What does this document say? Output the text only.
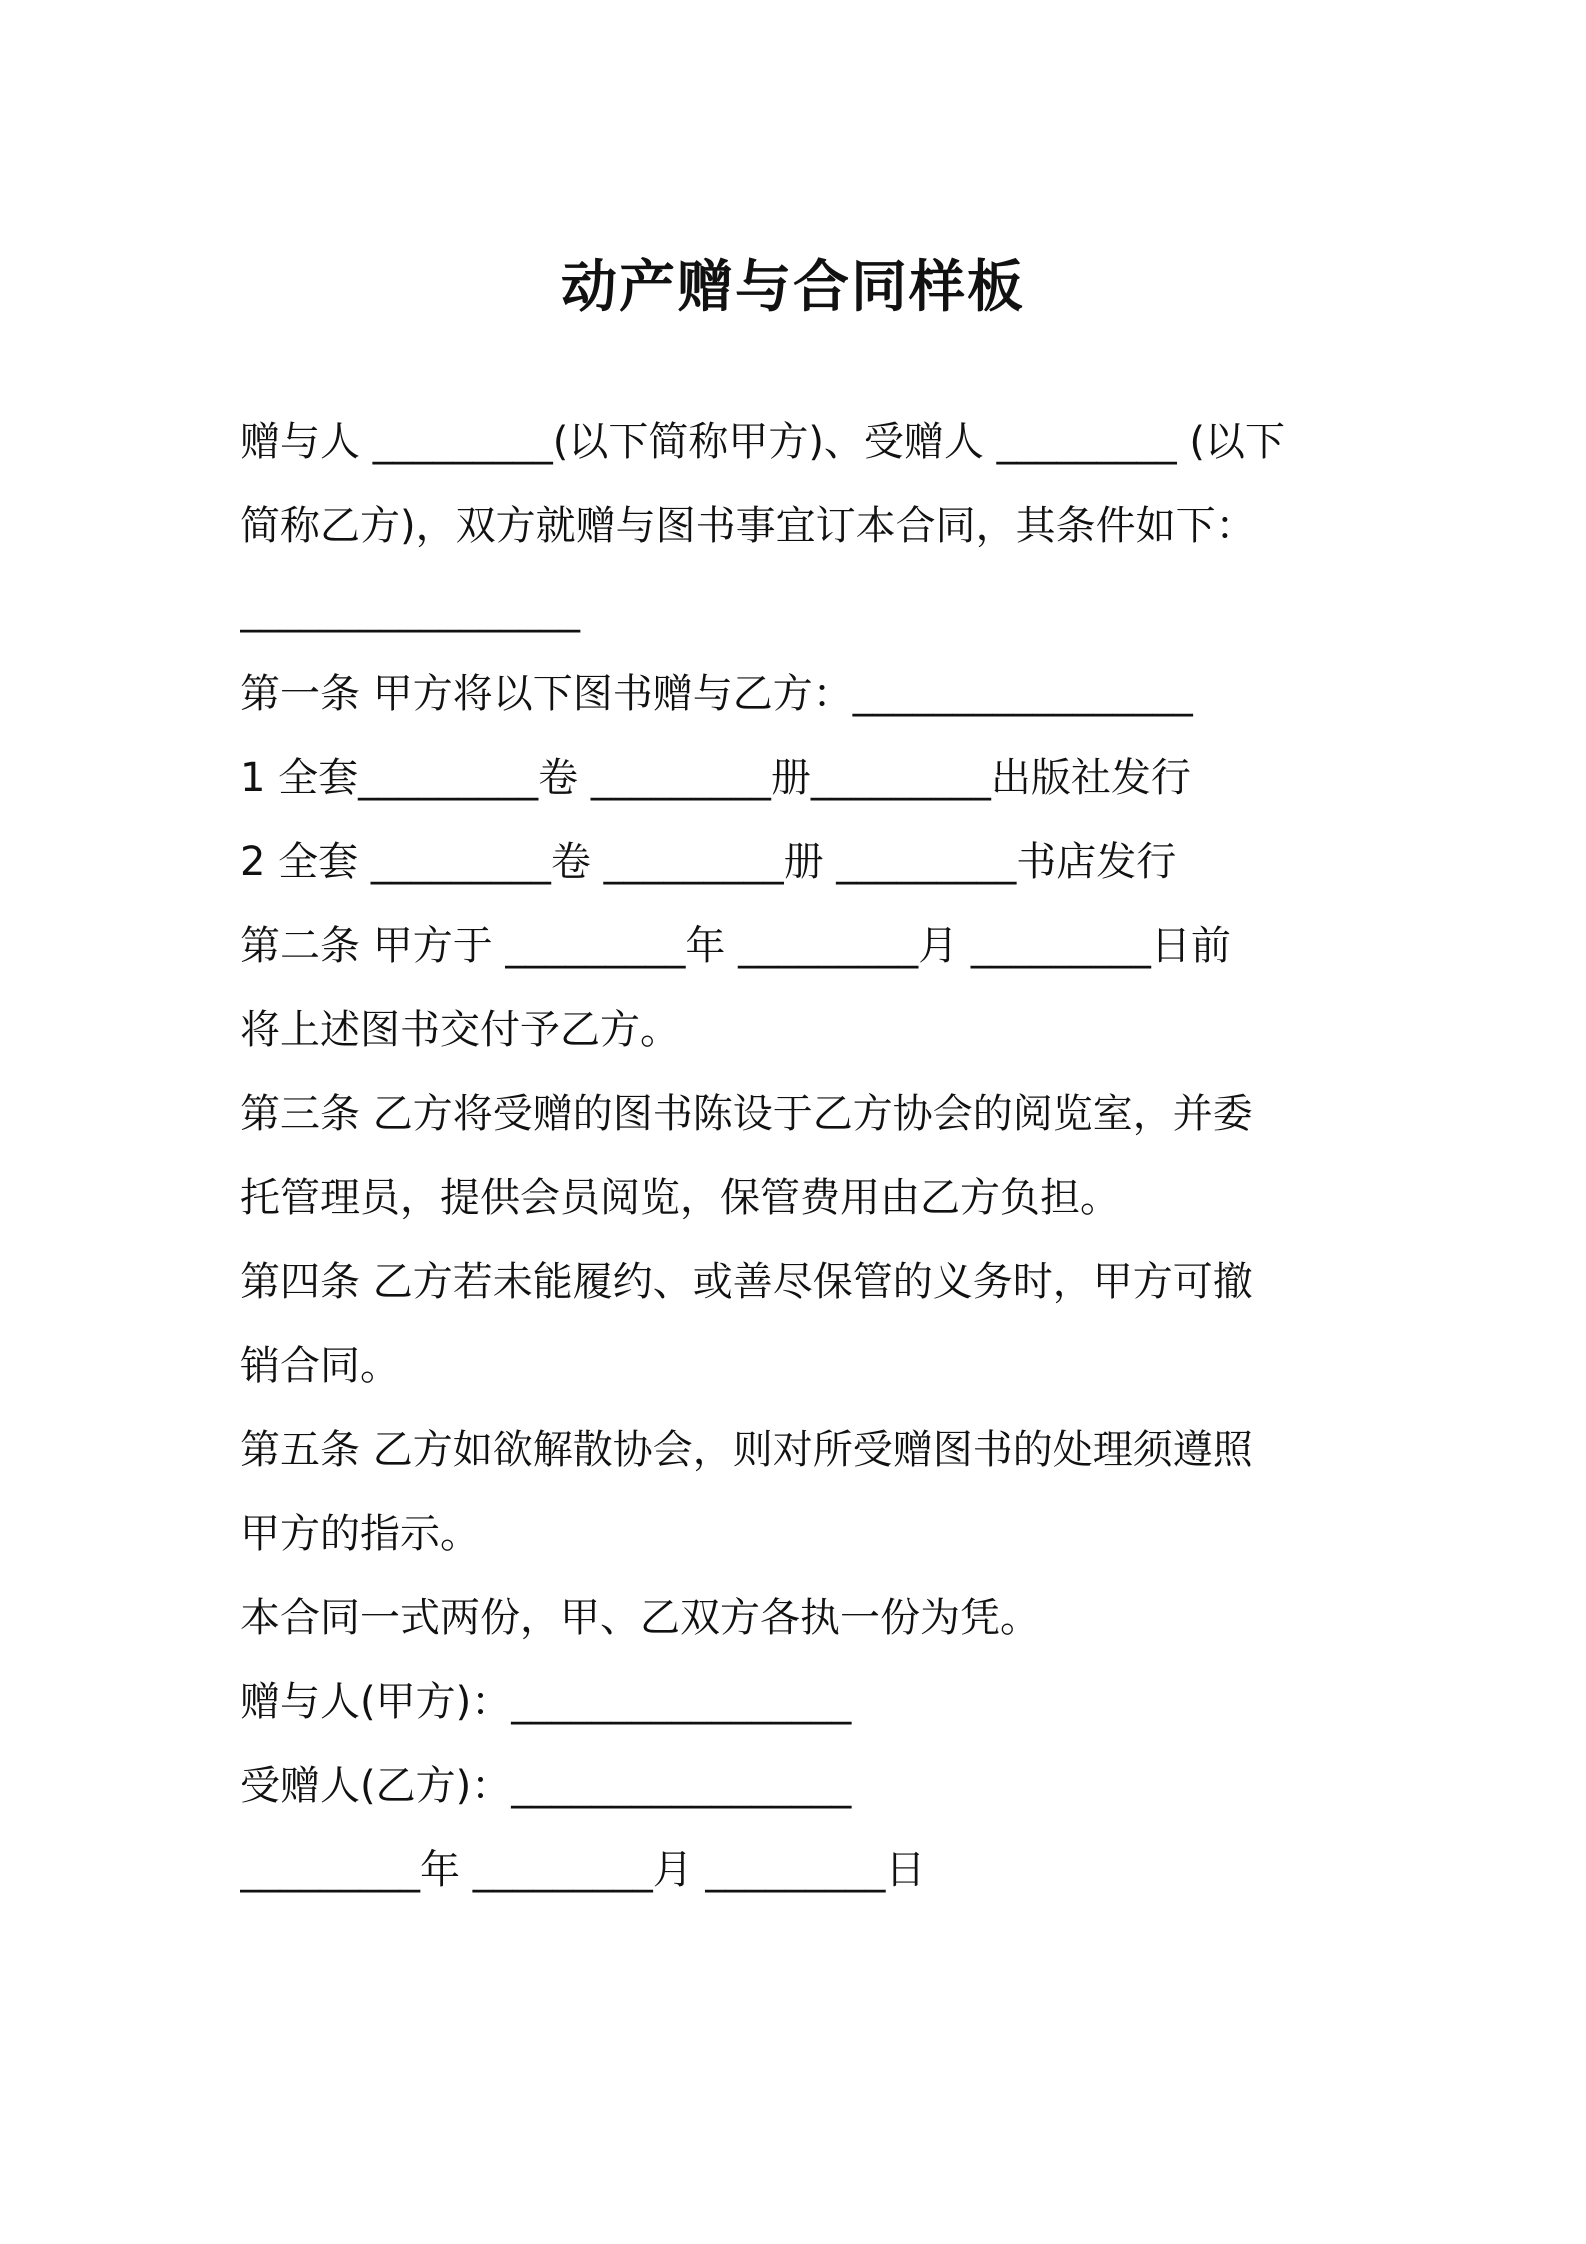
动产赠与合同样板
赠与人 _________(以下简称甲方)、受赠人 _________ (以下
简称乙方)，双方就赠与图书事宜订本合同，其条件如下：
_________________
第一条 甲方将以下图书赠与乙方：_________________
1 全套_________卷 _________册_________出版社发行
2 全套 _________卷 _________册 _________书店发行
第二条 甲方于 _________年 _________月 _________日前
将上述图书交付予乙方。
第三条 乙方将受赠的图书陈设于乙方协会的阅览室，并委
托管理员，提供会员阅览，保管费用由乙方负担。
第四条 乙方若未能履约、或善尽保管的义务时，甲方可撤
销合同。
第五条 乙方如欲解散协会，则对所受赠图书的处理须遵照
甲方的指示。
本合同一式两份，甲、乙双方各执一份为凭。
赠与人(甲方)：_________________
受赠人(乙方)：_________________
_________年 _________月 _________日
